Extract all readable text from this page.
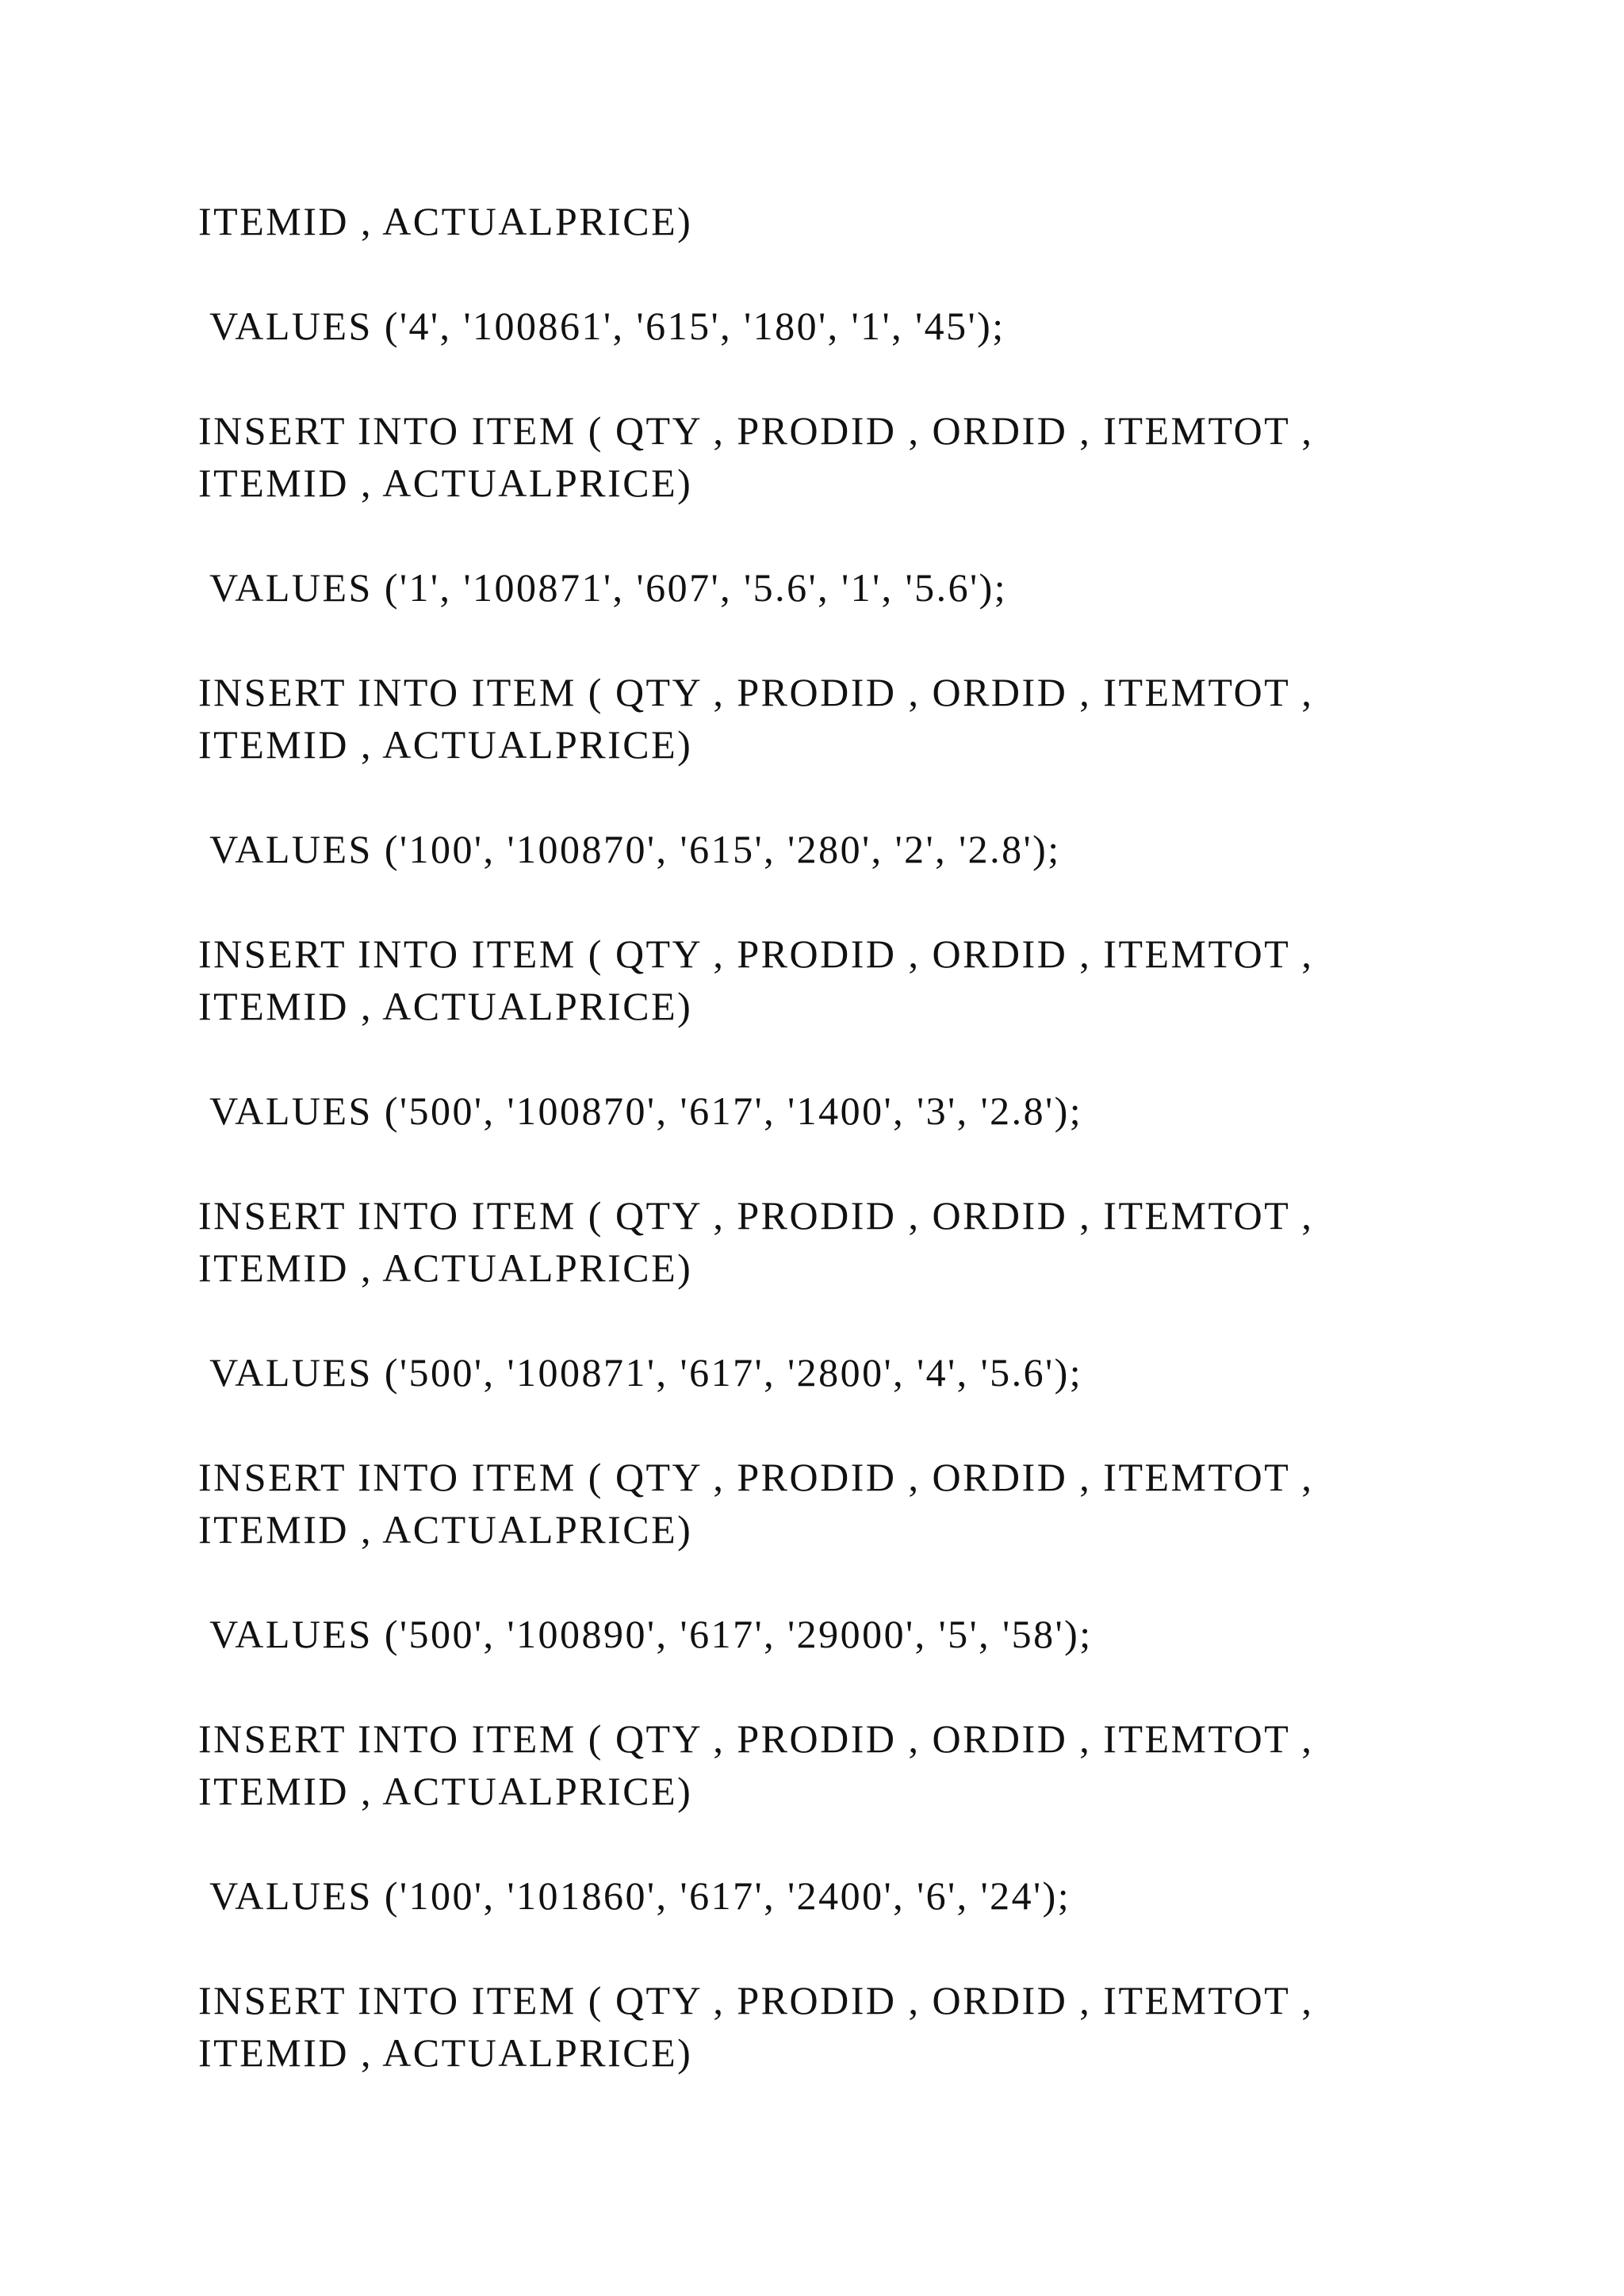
ITEMID , ACTUALPRICE)
VALUES ('4', '100861', '615', '180', '1', '45');
INSERT INTO ITEM ( QTY , PRODID , ORDID , ITEMTOT ,
ITEMID , ACTUALPRICE)
VALUES ('1', '100871', '607', '5.6', '1', '5.6');
INSERT INTO ITEM ( QTY , PRODID , ORDID , ITEMTOT ,
ITEMID , ACTUALPRICE)
VALUES ('100', '100870', '615', '280', '2', '2.8');
INSERT INTO ITEM ( QTY , PRODID , ORDID , ITEMTOT ,
ITEMID , ACTUALPRICE)
VALUES ('500', '100870', '617', '1400', '3', '2.8');
INSERT INTO ITEM ( QTY , PRODID , ORDID , ITEMTOT ,
ITEMID , ACTUALPRICE)
VALUES ('500', '100871', '617', '2800', '4', '5.6');
INSERT INTO ITEM ( QTY , PRODID , ORDID , ITEMTOT ,
ITEMID , ACTUALPRICE)
VALUES ('500', '100890', '617', '29000', '5', '58');
INSERT INTO ITEM ( QTY , PRODID , ORDID , ITEMTOT ,
ITEMID , ACTUALPRICE)
VALUES ('100', '101860', '617', '2400', '6', '24');
INSERT INTO ITEM ( QTY , PRODID , ORDID , ITEMTOT ,
ITEMID , ACTUALPRICE)
